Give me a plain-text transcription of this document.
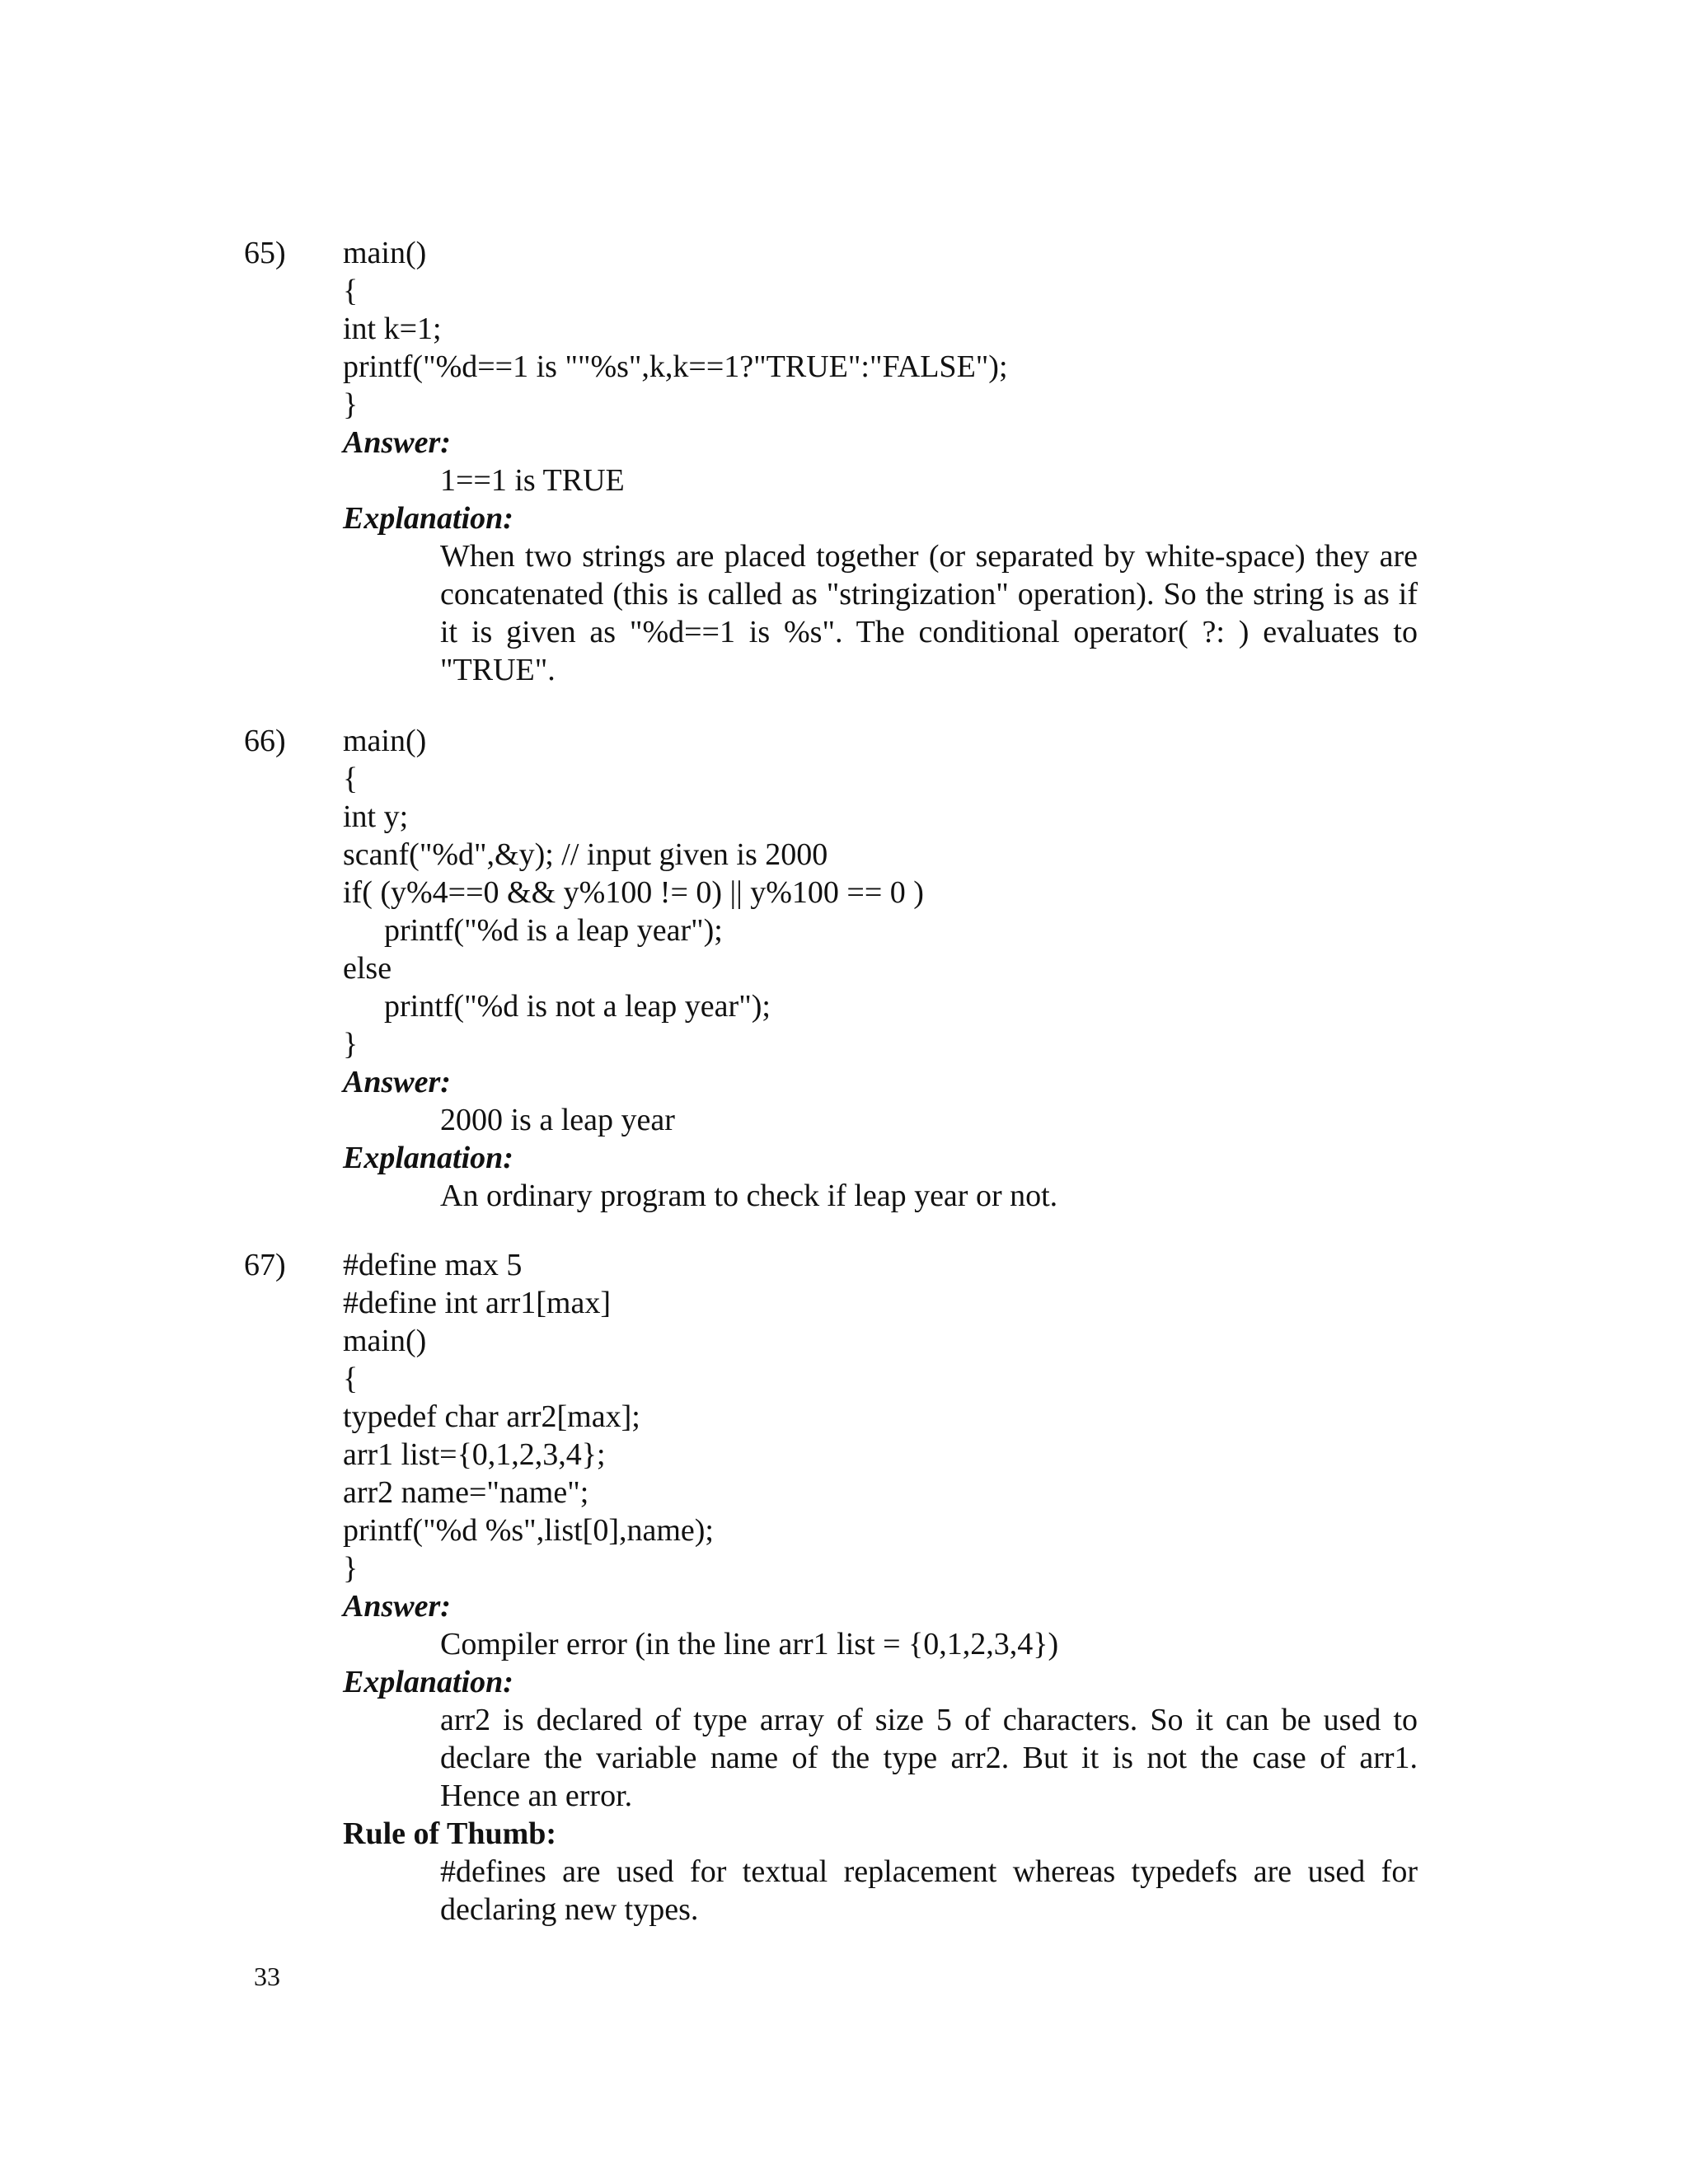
65) main()
{
int k=1;
printf("%d==1 is ""%s",k,k==1?"TRUE":"FALSE");
}
Answer:
1==1 is TRUE
Explanation:
When two strings are placed together (or separated by white-space) they are concatenated (this is called as "stringization" operation). So the string is as if it is given as "%d==1 is %s". The conditional operator( ?: ) evaluates to "TRUE".
66) main()
{
int y;
scanf("%d",&y); // input given is 2000
if( (y%4==0 && y%100 != 0) || y%100 == 0 )
printf("%d is a leap year");
else
printf("%d is not a leap year");
}
Answer:
2000 is a leap year
Explanation:
An ordinary program to check if leap year or not.
67) #define max 5
#define int arr1[max]
main()
{
typedef char arr2[max];
arr1 list={0,1,2,3,4};
arr2 name="name";
printf("%d %s",list[0],name);
}
Answer:
Compiler error (in the line arr1 list = {0,1,2,3,4})
Explanation:
arr2 is declared of type array of size 5 of characters. So it can be used to declare the variable name of the type arr2. But it is not the case of arr1. Hence an error.
Rule of Thumb:
#defines are used for textual replacement whereas typedefs are used for declaring new types.
33
